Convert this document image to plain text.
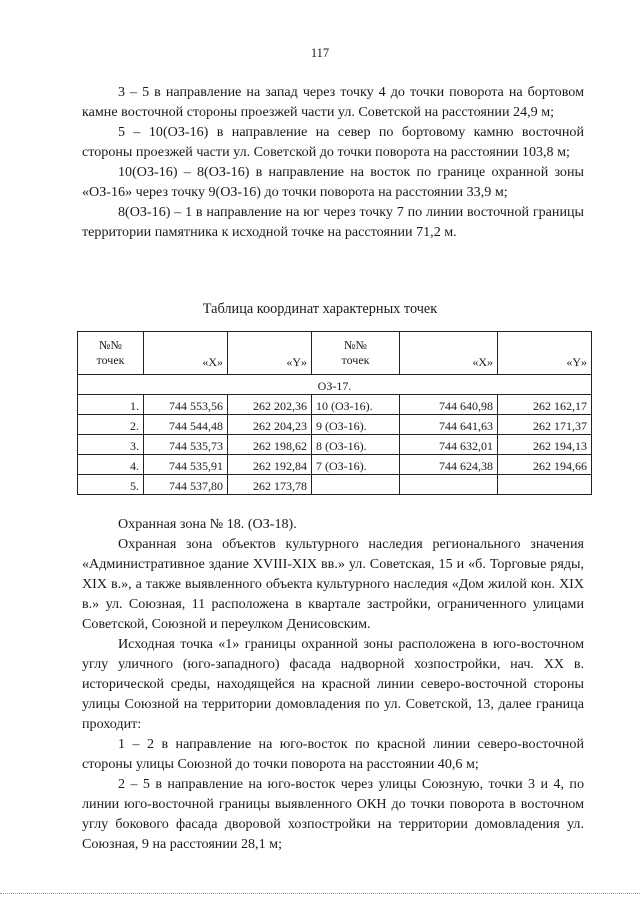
117

3 – 5 в направление на запад через точку 4 до точки поворота на бортовом камне восточной стороны проезжей части ул. Советской на расстоянии 24,9 м;

5 – 10(ОЗ-16) в направление на север по бортовому камню восточной стороны проезжей части ул. Советской до точки поворота на расстоянии 103,8 м;

10(ОЗ-16) – 8(ОЗ-16) в направление на восток по границе охранной зоны «ОЗ-16» через точку 9(ОЗ-16) до точки поворота на расстоянии 33,9 м;

8(ОЗ-16) – 1 в направление на юг через точку 7 по линии восточной границы территории памятника к исходной точке на расстоянии 71,2 м.

Таблица координат характерных точек
№№	«X»	«Y»	№№	«X»	«Y»
точек			точек		
ОЗ-17.					
1.	744 553,56	262 202,36	10 (ОЗ-16).	744 640,98	262 162,17
2.	744 544,48	262 204,23	9 (ОЗ-16).	744 641,63	262 171,37
3.	744 535,73	262 198,62	8 (ОЗ-16).	744 632,01	262 194,13
4.	744 535,91	262 192,84	7 (ОЗ-16).	744 624,38	262 194,66
5.	744 537,80	262 173,78			

Охранная зона № 18. (ОЗ-18).

Охранная зона объектов культурного наследия регионального значения «Административное здание XVIII-XIX вв.» ул. Советская, 15 и «б. Торговые ряды, XIX в.», а также выявленного объекта культурного наследия «Дом жилой кон. XIX в.» ул. Союзная, 11 расположена в квартале застройки, ограниченного улицами Советской, Союзной и переулком Денисовским.

Исходная точка «1» границы охранной зоны расположена в юго-восточном углу уличного (юго-западного) фасада надворной хозпостройки, нач. XX в. исторической среды, находящейся на красной линии северо-восточной стороны улицы Союзной на территории домовладения по ул. Советской, 13, далее граница проходит:

1 – 2 в направление на юго-восток по красной линии северо-восточной стороны улицы Союзной до точки поворота на расстоянии 40,6 м;

2 – 5 в направление на юго-восток через улицы Союзную, точки 3 и 4, по линии юго-восточной границы выявленного ОКН до точки поворота в восточном углу бокового фасада дворовой хозпостройки на территории домовладения ул. Союзная, 9 на расстоянии 28,1 м;
